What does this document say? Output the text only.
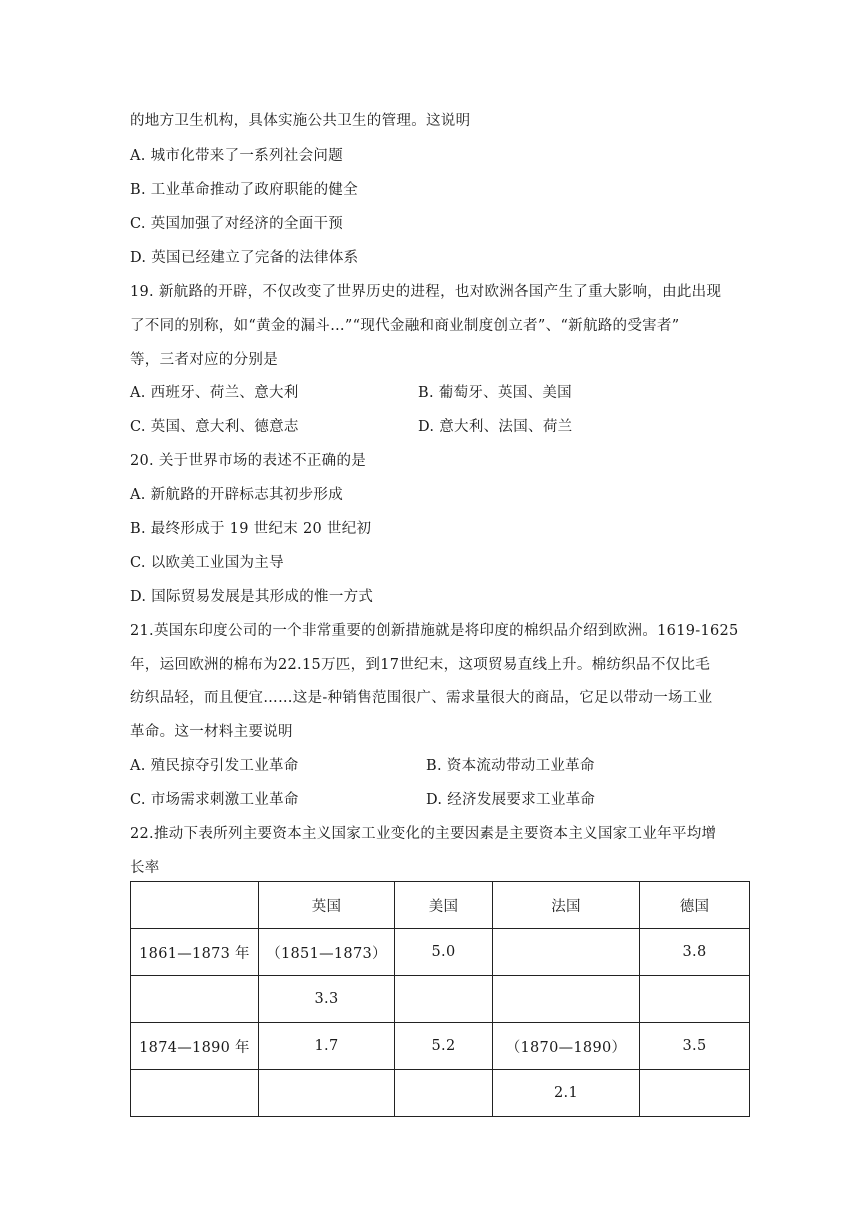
的地方卫生机构，具体实施公共卫生的管理。这说明
A. 城市化带来了一系列社会问题
B. 工业革命推动了政府职能的健全
C. 英国加强了对经济的全面干预
D. 英国已经建立了完备的法律体系
19. 新航路的开辟，不仅改变了世界历史的进程，也对欧洲各国产生了重大影响，由此出现
了不同的别称，如“黄金的漏斗…”“现代金融和商业制度创立者”、“新航路的受害者”
等，三者对应的分别是
A. 西班牙、荷兰、意大利	B. 葡萄牙、英国、美国
C. 英国、意大利、德意志	D. 意大利、法国、荷兰
20. 关于世界市场的表述不正确的是
A. 新航路的开辟标志其初步形成
B. 最终形成于 19 世纪末 20 世纪初
C. 以欧美工业国为主导
D. 国际贸易发展是其形成的惟一方式
21.英国东印度公司的一个非常重要的创新措施就是将印度的棉织品介绍到欧洲。1619-1625
年，运回欧洲的棉布为22.15万匹，到17世纪末，这项贸易直线上升。棉纺织品不仅比毛
纺织品轻，而且便宜……这是-种销售范围很广、需求量很大的商品，它足以带动一场工业
革命。这一材料主要说明
A. 殖民掠夺引发工业革命	B. 资本流动带动工业革命
C. 市场需求刺激工业革命	D. 经济发展要求工业革命
22.推动下表所列主要资本主义国家工业变化的主要因素是主要资本主义国家工业年平均增
长率
	英国	美国	法国	德国
1861—1873 年	（1851—1873）	5.0		3.8
	3.3			
1874—1890 年	1.7	5.2	（1870—1890）	3.5
			2.1	
